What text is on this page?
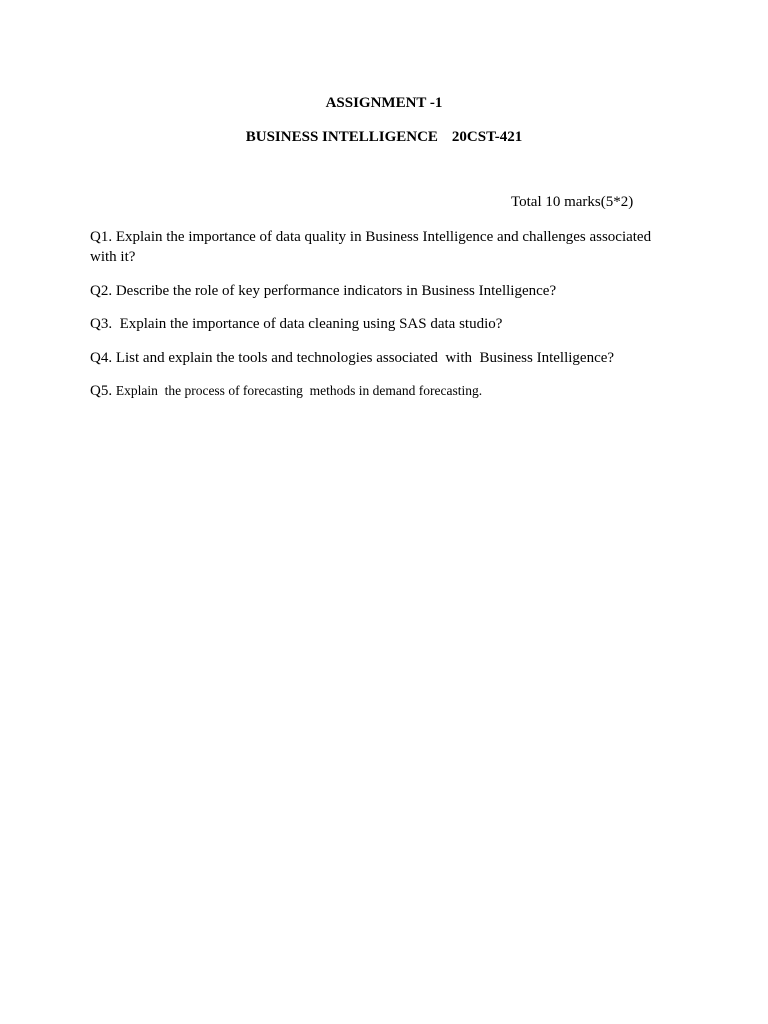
ASSIGNMENT -1
BUSINESS INTELLIGENCE 20CST-421
Total 10 marks(5*2)
Q1. Explain the importance of data quality in Business Intelligence and challenges associated with it?
Q2. Describe the role of key performance indicators in Business Intelligence?
Q3.  Explain the importance of data cleaning using SAS data studio?
Q4. List and explain the tools and technologies associated  with  Business Intelligence?
Q5. Explain  the process of forecasting  methods in demand forecasting.
